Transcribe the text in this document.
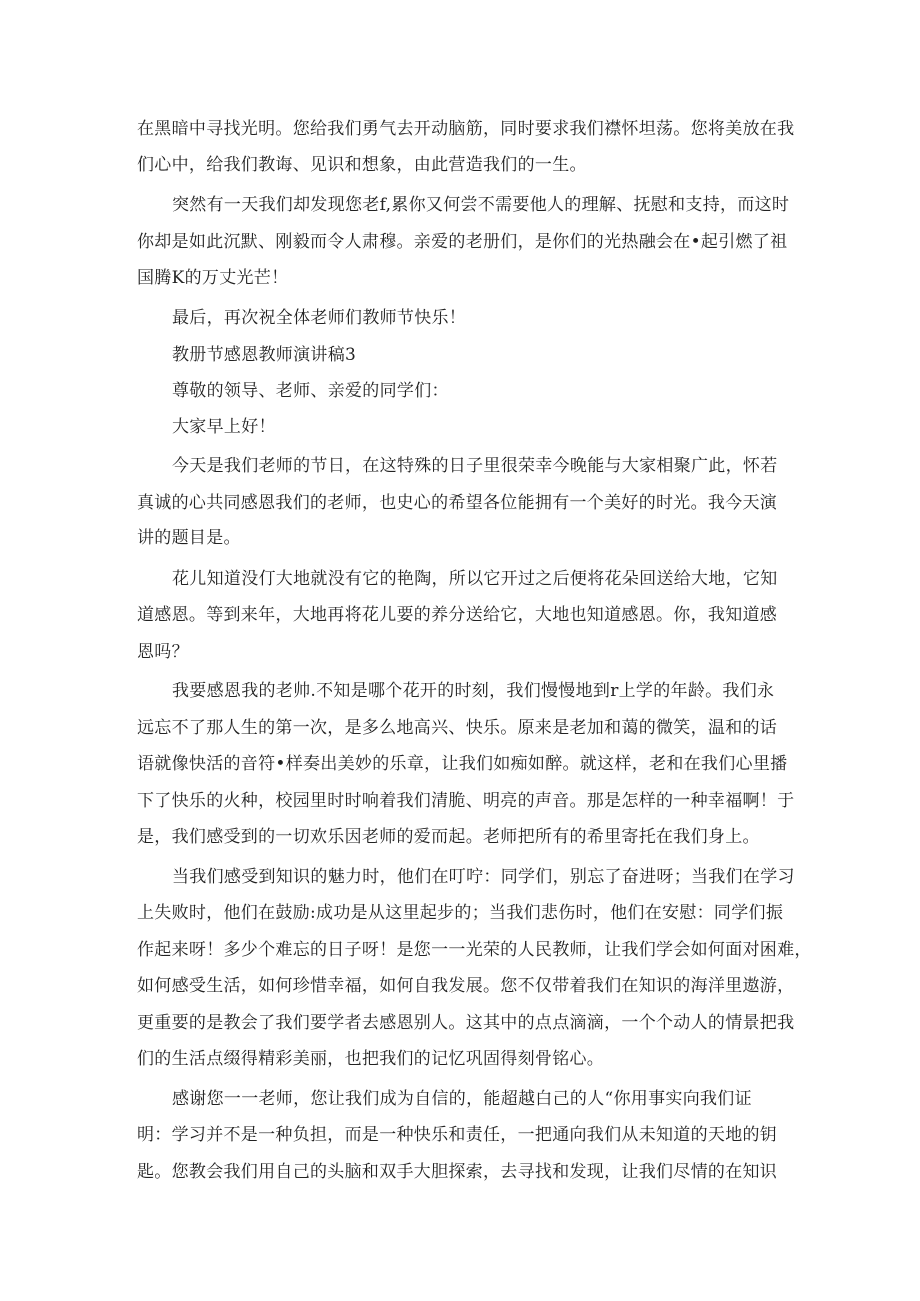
在黑暗中寻找光明。您给我们勇气去开动脑筋，同时要求我们襟怀坦荡。您将美放在我
们心中，给我们教诲、见识和想象，由此营造我们的一生。
突然有一天我们却发现您老f,累你又何尝不需要他人的理解、抚慰和支持，而这时
你却是如此沉默、刚毅而令人肃穆。亲爱的老册们，是你们的光热融会在•起引燃了祖
国腾K的万丈光芒！
最后，再次祝全体老师们教师节快乐！
教册节感恩教师演讲稿3
尊敬的领导、老师、亲爱的同学们：
大家早上好！
今天是我们老师的节日，在这特殊的日子里很荣幸今晚能与大家相聚广此，怀若
真诚的心共同感恩我们的老师，也史心的希望各位能拥有一个美好的时光。我今天演
讲的题目是。
花儿知道没仃大地就没有它的艳陶，所以它开过之后便将花朵回送给大地，它知
道感恩。等到来年，大地再将花儿要的养分送给它，大地也知道感恩。你，我知道感
恩吗？
我要感恩我的老帅.不知是哪个花开的时刻，我们慢慢地到r上学的年龄。我们永
远忘不了那人生的第一次，是多么地高兴、快乐。原来是老加和蔼的微笑，温和的话
语就像快活的音符•样奏出美妙的乐章，让我们如痴如醉。就这样，老和在我们心里播
下了快乐的火种，校园里时时响着我们清脆、明亮的声音。那是怎样的一种幸福啊！于
是，我们感受到的一切欢乐因老师的爱而起。老师把所有的希里寄托在我们身上。
当我们感受到知识的魅力时，他们在叮咛：同学们，别忘了奋进呀；当我们在学习
上失败时，他们在鼓励:成功是从这里起步的；当我们悲伤时，他们在安慰：同学们振
作起来呀！多少个难忘的日子呀！是您一一光荣的人民教师，让我们学会如何面对困难，
如何感受生活，如何珍惜幸福，如何自我发展。您不仅带着我们在知识的海洋里遨游，
更重要的是教会了我们要学者去感恩别人。这其中的点点滴滴，一个个动人的情景把我
们的生活点缀得精彩美丽，也把我们的记忆巩固得刻骨铭心。
感谢您一一老师，您让我们成为自信的，能超越白己的人“你用事实向我们证
明：学习并不是一种负担，而是一种快乐和责任，一把通向我们从未知道的天地的钥
匙。您教会我们用自己的头脑和双手大胆探索，去寻找和发现，让我们尽情的在知识
